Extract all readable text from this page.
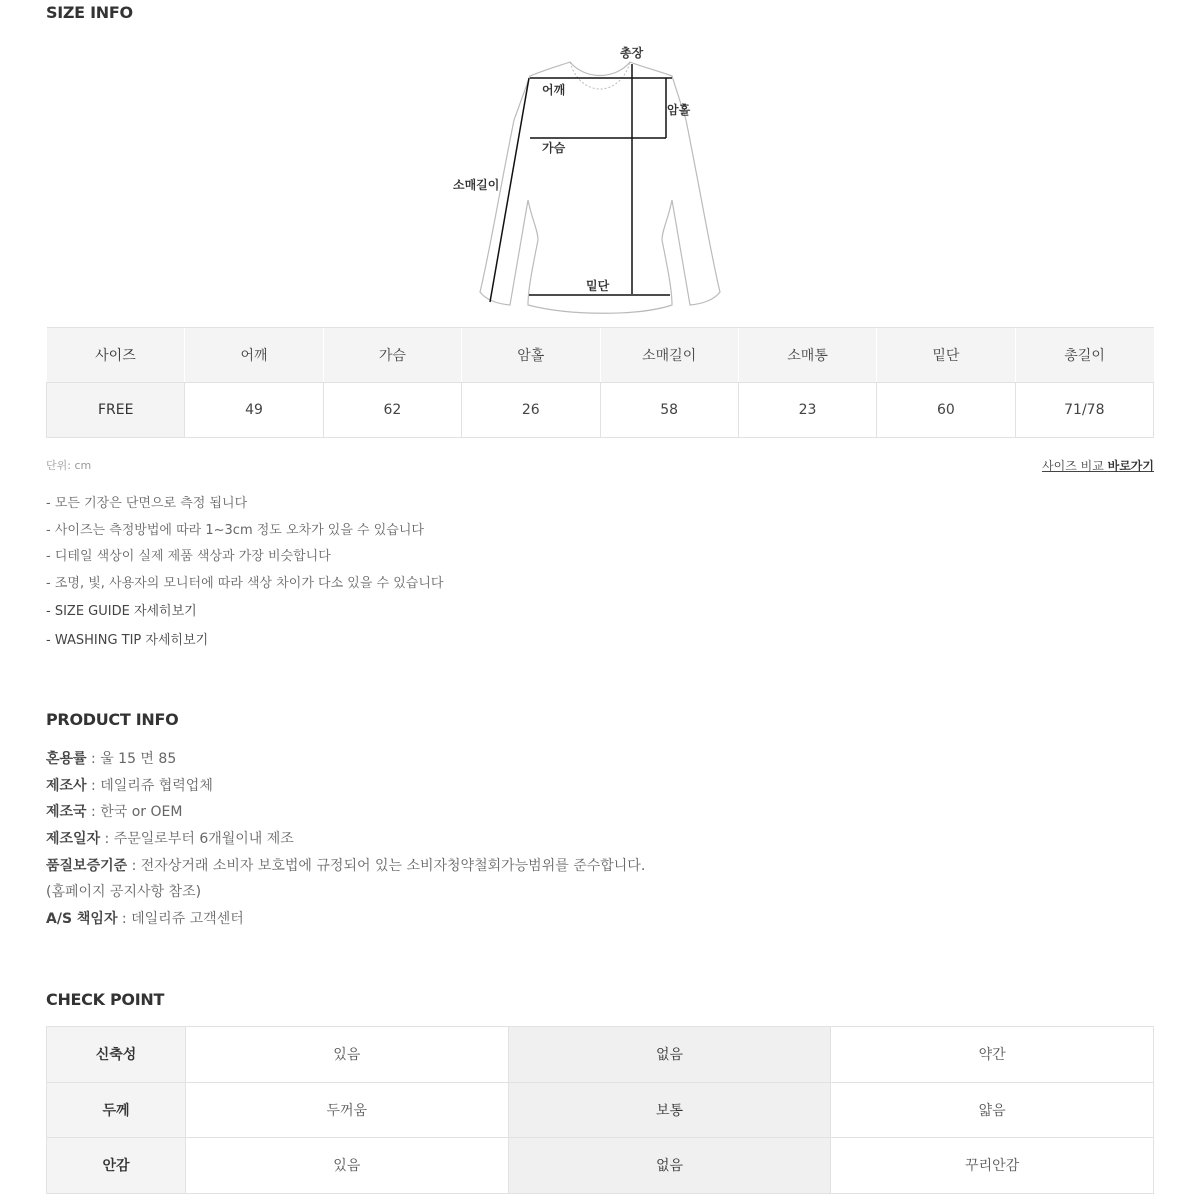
SIZE INFO
총장
어깨
암홀
가슴
소매길이
밑단
사이즈	어깨	가슴	암홀	소매길이	소매통	밑단	총길이
FREE	49	62	26	58	23	60	71/78
단위: cm	사이즈 비교 바로가기
- 모든 기장은 단면으로 측정 됩니다
- 사이즈는 측정방법에 따라 1~3cm 정도 오차가 있을 수 있습니다
- 디테일 색상이 실제 제품 색상과 가장 비슷합니다
- 조명, 빛, 사용자의 모니터에 따라 색상 차이가 다소 있을 수 있습니다
- SIZE GUIDE 자세히보기
- WASHING TIP 자세히보기
PRODUCT INFO
혼용률 : 울 15 면 85
제조사 : 데일리쥬 협력업체
제조국 : 한국 or OEM
제조일자 : 주문일로부터 6개월이내 제조
품질보증기준 : 전자상거래 소비자 보호법에 규정되어 있는 소비자청약철회가능범위를 준수합니다.
(홈페이지 공지사항 참조)
A/S 책임자 : 데일리쥬 고객센터
CHECK POINT
신축성	있음	없음	약간
두께	두꺼움	보통	얇음
안감	있음	없음	꾸리안감
